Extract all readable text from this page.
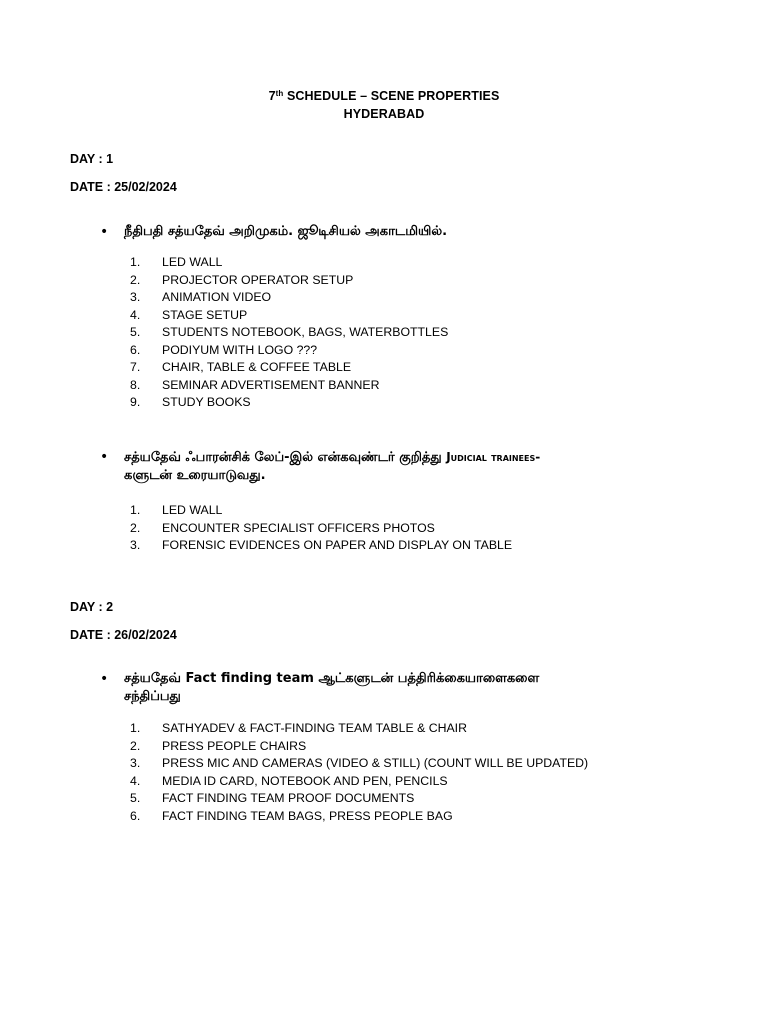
7th SCHEDULE – SCENE PROPERTIES
HYDERABAD
DAY : 1
DATE : 25/02/2024
• நீதிபதி சத்யதேவ் அறிமுகம். ஜூடிசியல் அகாடமியில்.
1.	LED WALL
2.	PROJECTOR OPERATOR SETUP
3.	ANIMATION VIDEO
4.	STAGE SETUP
5.	STUDENTS NOTEBOOK, BAGS, WATERBOTTLES
6.	PODIYUM WITH LOGO ???
7.	CHAIR, TABLE & COFFEE TABLE
8.	SEMINAR ADVERTISEMENT BANNER
9.	STUDY BOOKS
• சத்யதேவ் ஃபாரன்சிக் லேப்-இல் என்கவுண்டர் குறித்து Judicial trainees-
களுடன் உரையாடுவது.
1.	LED WALL
2.	ENCOUNTER SPECIALIST OFFICERS PHOTOS
3.	FORENSIC EVIDENCES ON PAPER AND DISPLAY ON TABLE
DAY : 2
DATE : 26/02/2024
• சத்யதேவ் Fact finding team ஆட்களுடன் பத்திரிக்கையாளைகளை
சந்திப்பது
1.	SATHYADEV & FACT-FINDING TEAM TABLE & CHAIR
2.	PRESS PEOPLE CHAIRS
3.	PRESS MIC AND CAMERAS (VIDEO & STILL) (COUNT WILL BE UPDATED)
4.	MEDIA ID CARD, NOTEBOOK AND PEN, PENCILS
5.	FACT FINDING TEAM PROOF DOCUMENTS
6.	FACT FINDING TEAM BAGS, PRESS PEOPLE BAG
